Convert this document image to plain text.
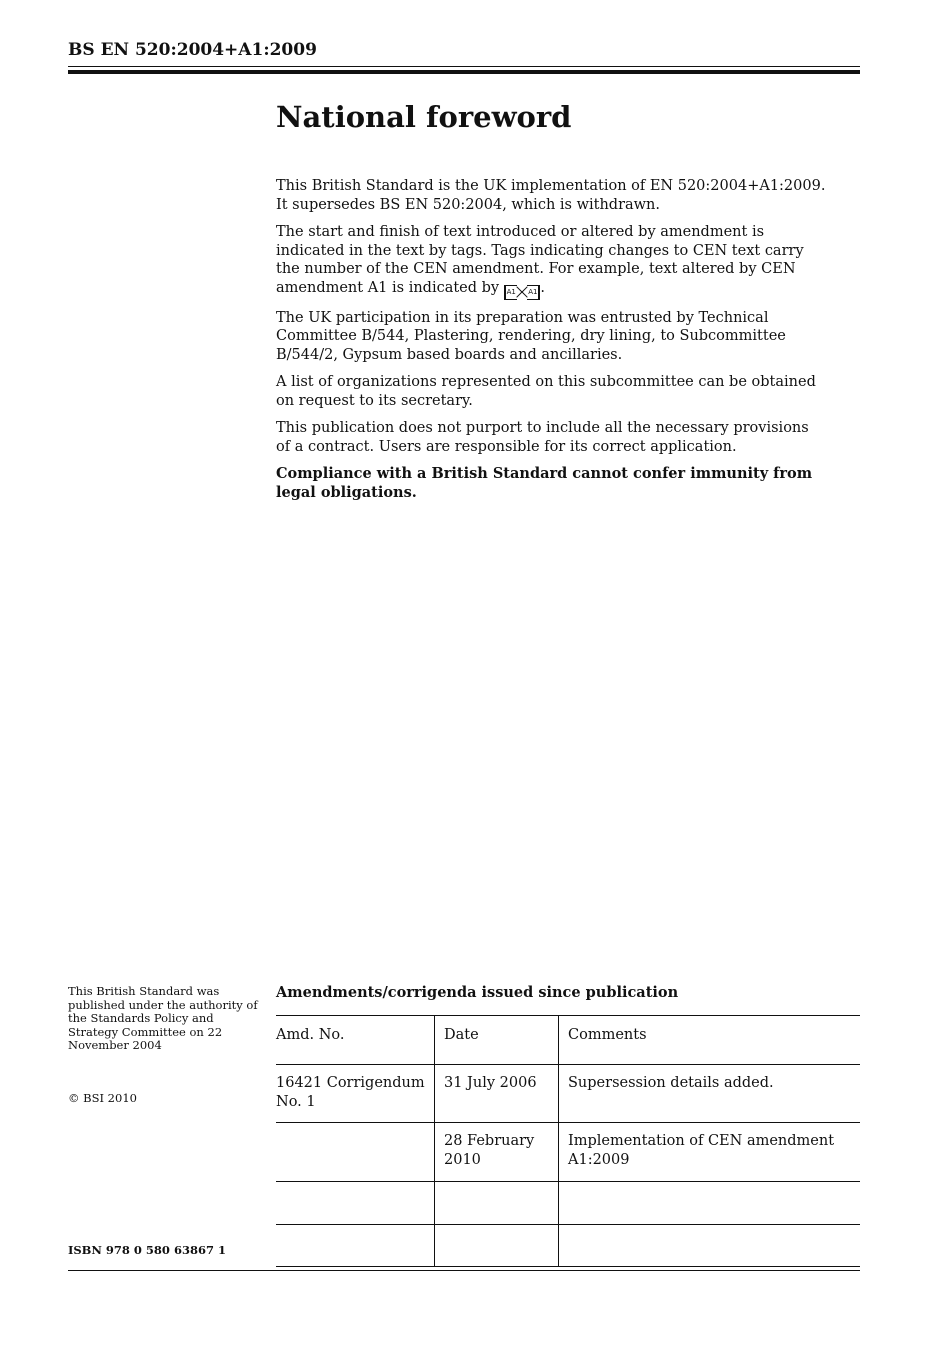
BS EN 520:2004+A1:2009
National foreword

This British Standard is the UK implementation of EN 520:2004+A1:2009. It supersedes BS EN 520:2004, which is withdrawn.

The start and finish of text introduced or altered by amendment is indicated in the text by tags. Tags indicating changes to CEN text carry the number of the CEN amendment. For example, text altered by CEN amendment A1 is indicated by A1 A1 .

The UK participation in its preparation was entrusted by Technical Committee B/544, Plastering, rendering, dry lining, to Subcommittee B/544/2, Gypsum based boards and ancillaries.

A list of organizations represented on this subcommittee can be obtained on request to its secretary.

This publication does not purport to include all the necessary provisions of a contract. Users are responsible for its correct application.

Compliance with a British Standard cannot confer immunity from legal obligations.

This British Standard was published under the authority of the Standards Policy and Strategy Committee on 22 November 2004
© BSI 2010
ISBN 978 0 580 63867 1
Amendments/corrigenda issued since publication
Amd. No.	Date	Comments
16421 Corrigendum No. 1	31 July 2006	Supersession details added.
	28 February 2010	Implementation of CEN amendment A1:2009
